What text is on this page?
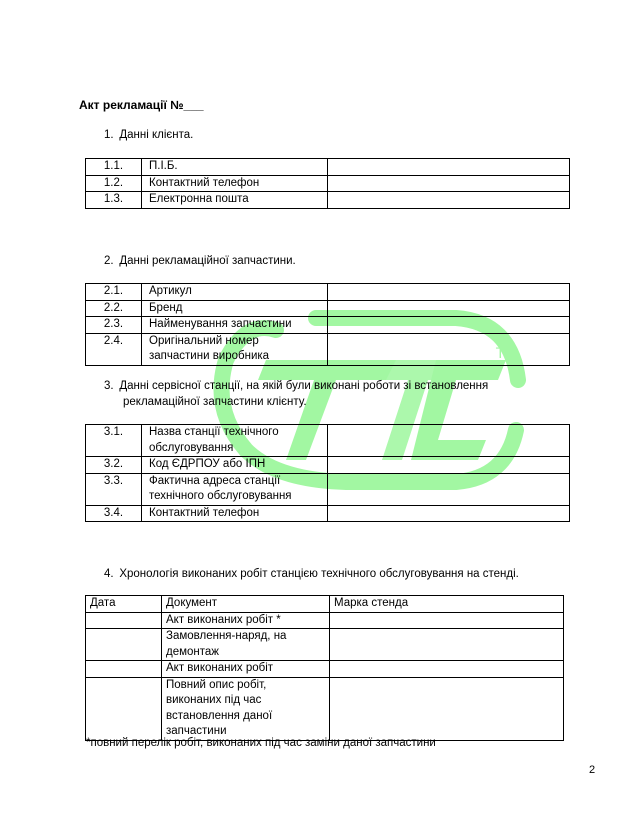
TM
Акт рекламації №___
1. Данні клієнта.
1.1.	П.І.Б.	
1.2.	Контактний телефон	
1.3.	Електронна пошта	
2. Данні рекламаційної запчастини.
2.1.	Артикул	
2.2.	Бренд	
2.3.	Найменування запчастини	
2.4.	Оригінальний номер
запчастини виробника	

3. Данні сервісної станції, на якій були виконані роботи зі встановлення
рекламаційної запчастини клієнту.
3.1.	Назва станції технічного
обслуговування	

3.2.	Код ЄДРПОУ або ІПН	
3.3.	Фактична адреса станції
технічного обслуговування	

3.4.	Контактний телефон	
4. Хронологія виконаних робіт станцією технічного обслуговування на стенді.
Дата	Документ	Марка стенда

	Акт виконаних робіт *	

	Замовлення-наряд, на
демонтаж	

	Акт виконаних робіт	

	Повний опис робіт,
виконаних під час
встановлення даної
запчастини	

*повний перелік робіт, виконаних під час заміни даної запчастини
2
